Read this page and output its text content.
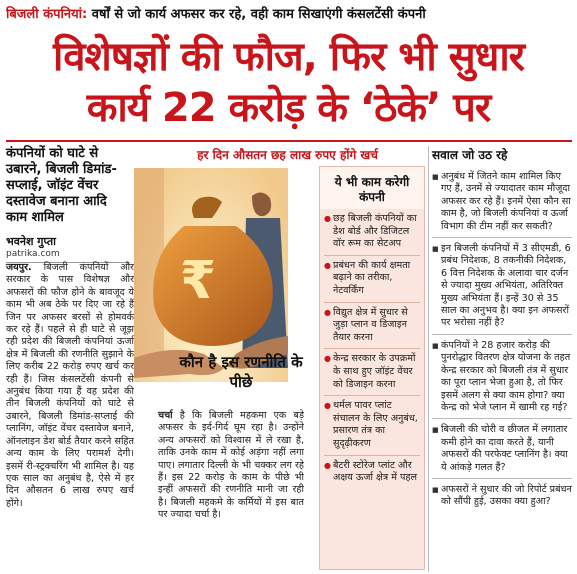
बिजली कंपनियां: वर्षों से जो कार्य अफसर कर रहे, वही काम सिखाएंगी कंसलटेंसी कंपनी
विशेषज्ञों की फौज, फिर भी सुधार
कार्य 22 करोड़ के ‘ठेके’ पर
कंपनियों को घाटे से उबारने, बिजली डिमांड-सप्लाई, जॉइंट वेंचर दस्तावेज बनाना आदि काम शामिल
भवनेश गुप्ता
patrika.com
जयपुर. बिजली कंपनियों और सरकार के पास विशेषज्ञ और अफसरों की फौज होने के बावजूद ये काम भी अब ठेके पर दिए जा रहे हैं जिन पर अफसर बरसों से होमवर्क कर रहे हैं। पहले से ही घाटे से जूझ रही प्रदेश की बिजली कंपनियां ऊर्जा क्षेत्र में बिजली की रणनीति सुझाने के लिए करीब 22 करोड़ रुपए खर्च कर रही हैं। जिस कंसलटेंसी कंपनी से अनुबंध किया गया हैं वह प्रदेश की तीन बिजली कंपनियों को घाटे से उबारने, बिजली डिमांड-सप्लाई की प्लानिंग, जॉइंट वेंचर दस्तावेज बनाने, ऑनलाइन डेश बोर्ड तैयार करने सहित अन्य काम के लिए परामर्श देगी। इसमें री-स्ट्रक्चरिंग भी शामिल है। यह एक साल का अनुबंध है, ऐसे में हर दिन औसतन 6 लाख रुपए खर्च होंगे।
हर दिन औसतन छह लाख रुपए होंगे खर्च
₹
कौन है इस रणनीति के पीछे
चर्चा है कि बिजली महकमा एक बड़े अफसर के इर्द-गिर्द घूम रहा है। उन्होंने अन्य अफसरों को विश्वास में ले रखा है, ताकि उनके काम में कोई अड़ंगा नहीं लगा पाए। लगातार दिल्ली के भी चक्कर लग रहे हैं। इस 22 करोड़ के काम के पीछे भी इन्हीं अफसरों की रणनीति मानी जा रही है। बिजली महकमे के कर्मियों में इस बात पर ज्यादा चर्चा है।
ये भी काम करेगी कंपनी
● छह बिजली कंपनियों का डेश बोर्ड और डिजिटल वॉर रूम का सेटअप
● प्रबंधन की कार्य क्षमता बढ़ाने का तरीका, नेटवर्किंग
● विद्युत क्षेत्र में सुधार से जुड़ा प्लान व डिजाइन तैयार करना
● केन्द्र सरकार के उपक्रमों के साथ हुए जॉइंट वेंचर को डिजाइन करना
● थर्मल पावर प्लांट संचालन के लिए अनुबंध, प्रसारण तंत्र का सुदृढ़ीकरण
● बैटरी स्टोरेज प्लांट और अक्षय ऊर्जा क्षेत्र में पहल
सवाल जो उठ रहे
■ अनुबंध में जितने काम शामिल किए गए हैं, उनमें से ज्यादातर काम मौजूदा अफसर कर रहे हैं। इनमें ऐसा कौन सा काम है, जो बिजली कंपनियां व ऊर्जा विभाग की टीम नहीं कर सकती?
■ इन बिजली कंपनियों में 3 सीएमडी, 6 प्रबंध निदेशक, 8 तकनीकी निदेशक, 6 वित्त निदेशक के अलावा चार दर्जन से ज्यादा मुख्य अभियंता, अतिरिक्त मुख्य अभियंता हैं। इन्हें 30 से 35 साल का अनुभव है। क्या इन अफसरों पर भरोसा नहीं है?
■ कंपनियों ने 28 हजार करोड़ की पुनरोद्धार वितरण क्षेत्र योजना के तहत केन्द्र सरकार को बिजली तंत्र में सुधार का पूरा प्लान भेजा हुआ है, तो फिर इसमें अलग से क्या काम होगा? क्या केन्द्र को भेजे प्लान में खामी रह गई?
■ बिजली की चोरी व छीजत में लगातार कमी होने का दावा करते हैं, यानी अफसरों की परफेक्ट प्लानिंग है। क्या ये आंकड़े गलत हैं?
■ अफसरों ने सुधार की जो रिपोर्ट प्रबंधन को सौंपी हुई, उसका क्या हुआ?
